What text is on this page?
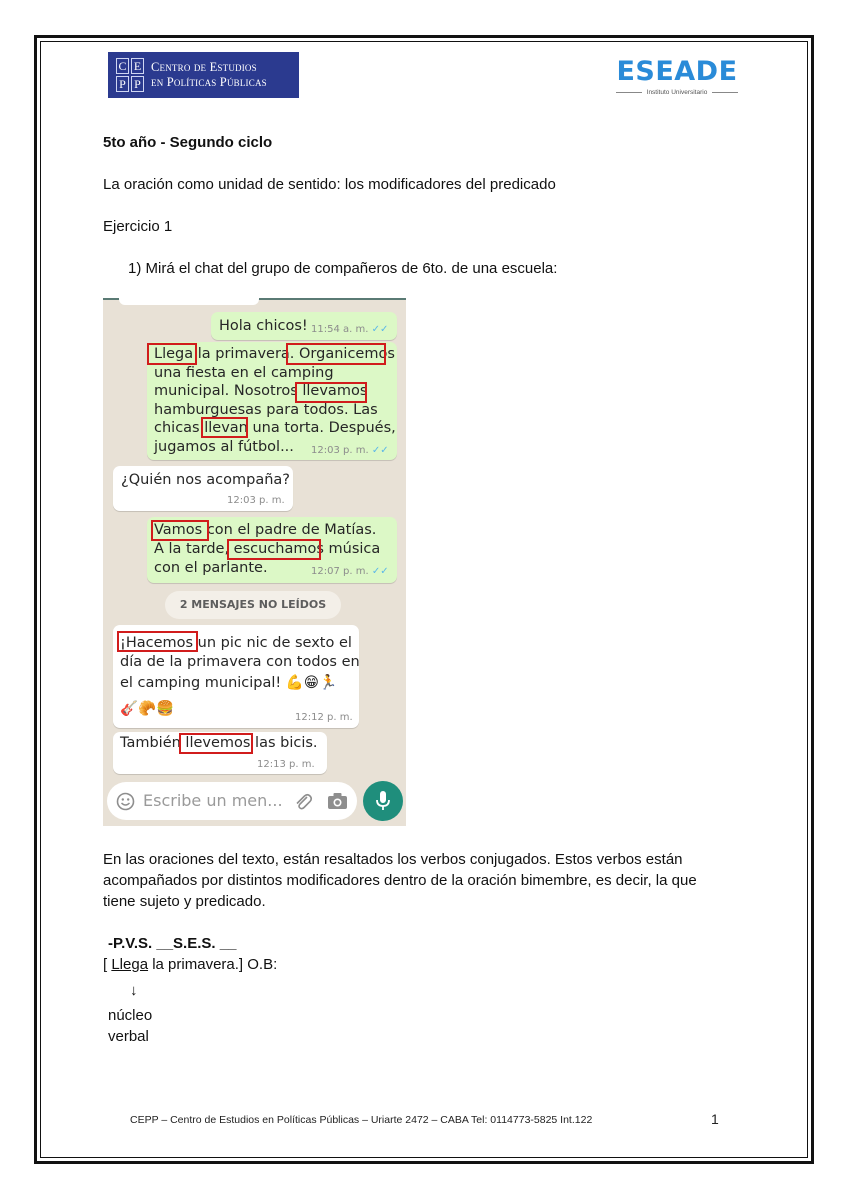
C E
P P
Centro de Estudios
en Políticas Públicas	ESEADE
Instituto Universitario
5to año - Segundo ciclo
La oración como unidad de sentido: los modificadores del predicado
Ejercicio 1
1) Mirá el chat del grupo de compañeros de 6to. de una escuela:
Hola chicos! 11:54 a. m. ✓✓
Llega la primavera. Organicemos
una fiesta en el camping
municipal. Nosotros llevamos
hamburguesas para todos. Las
chicas llevan una torta. Después,
jugamos al fútbol... 12:03 p. m. ✓✓
¿Quién nos acompaña?
12:03 p. m.
Vamos con el padre de Matías.
A la tarde, escuchamos música
con el parlante.	12:07 p. m. ✓✓
2 MENSAJES NO LEÍDOS
¡Hacemos un pic nic de sexto el
día de la primavera con todos en
el camping municipal! 💪😁🏃
🎸🥐🍔
12:12 p. m.
También llevemos las bicis.
12:13 p. m.
Escribe un men...
En las oraciones del texto, están resaltados los verbos conjugados. Estos verbos están
acompañados por distintos modificadores dentro de la oración bimembre, es decir, la que
tiene sujeto y predicado.
-P.V.S. __S.E.S. __
[ Llega la primavera.] O.B:
↓
núcleo
verbal
CEPP – Centro de Estudios en Políticas Públicas – Uriarte 2472 – CABA Tel: 0114773-5825 Int.122	1
